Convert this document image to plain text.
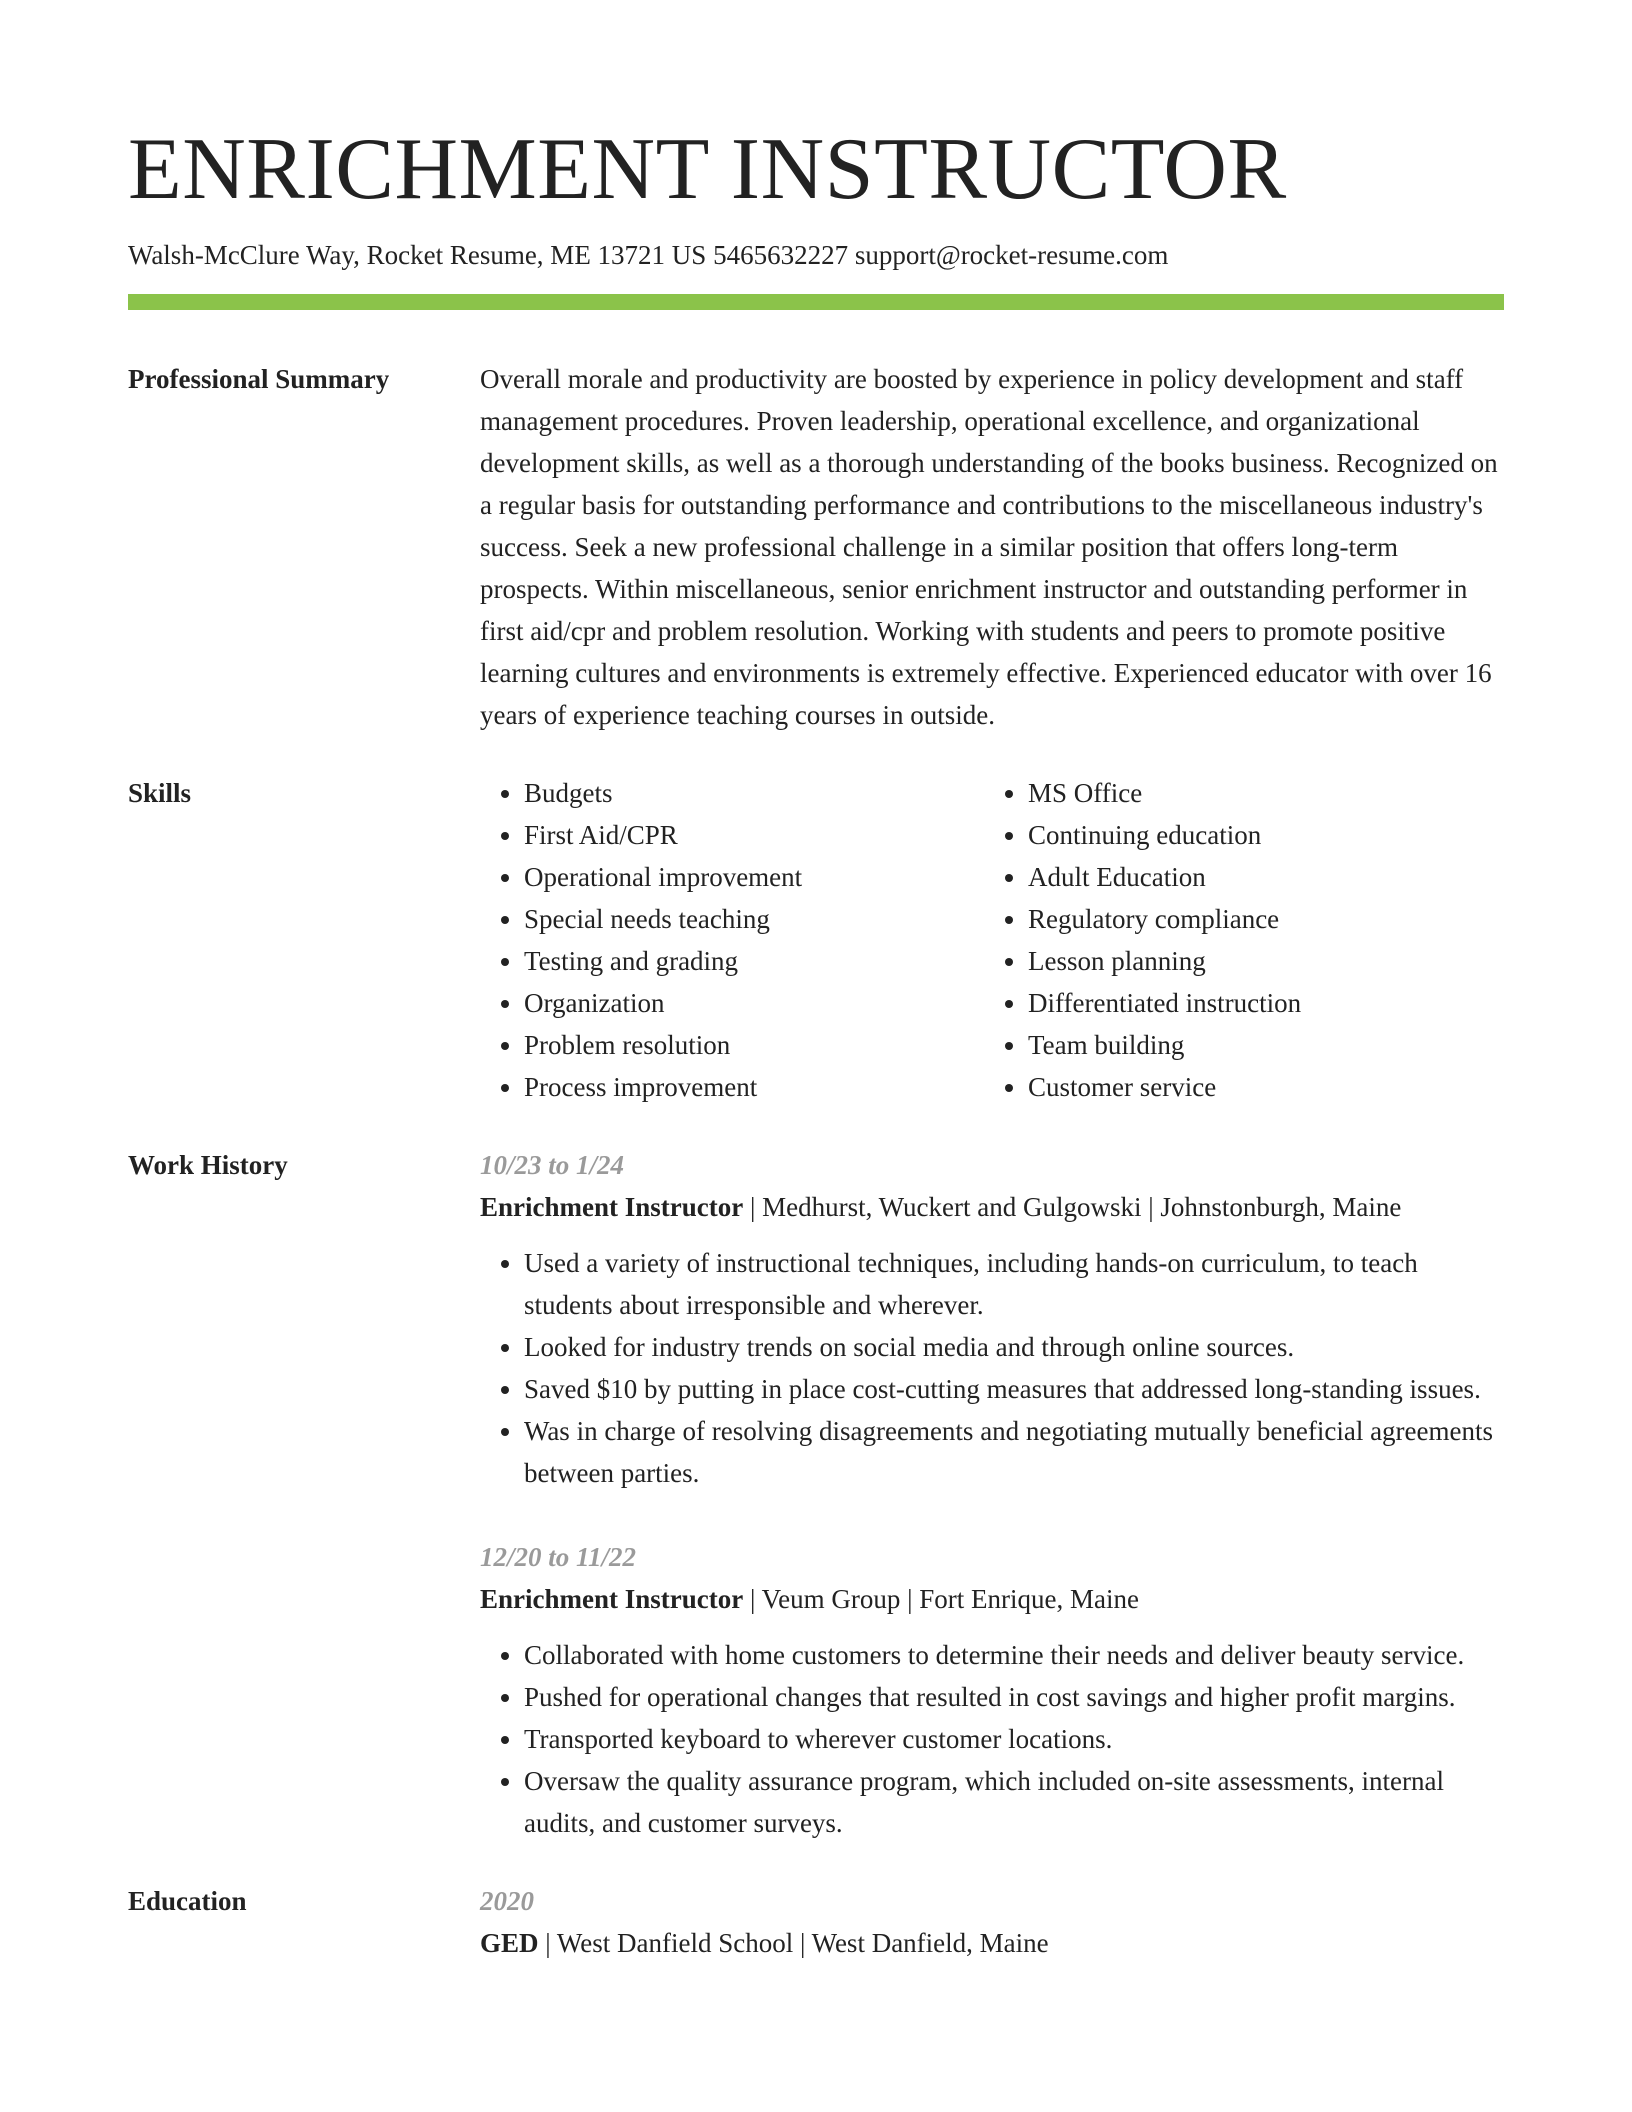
ENRICHMENT INSTRUCTOR
Walsh-McClure Way, Rocket Resume, ME 13721 US 5465632227 support@rocket-resume.com
Professional Summary	Overall morale and productivity are boosted by experience in policy development and staff management procedures. Proven leadership, operational excellence, and organizational development skills, as well as a thorough understanding of the books business. Recognized on a regular basis for outstanding performance and contributions to the miscellaneous industry's success. Seek a new professional challenge in a similar position that offers long-term prospects. Within miscellaneous, senior enrichment instructor and outstanding performer in first aid/cpr and problem resolution. Working with students and peers to promote positive learning cultures and environments is extremely effective. Experienced educator with over 16 years of experience teaching courses in outside.

Skills
•	Budgets
• First Aid/CPR
• Operational improvement
• Special needs teaching
• Testing and grading
• Organization
• Problem resolution
• Process improvement
• MS Office
• Continuing education
• Adult Education
• Regulatory compliance
• Lesson planning
• Differentiated instruction
• Team building
• Customer service
Work History	10/23 to 1/24
Enrichment Instructor | Medhurst, Wuckert and Gulgowski | Johnstonburgh, Maine
• Used a variety of instructional techniques, including hands-on curriculum, to teach students about irresponsible and wherever.
• Looked for industry trends on social media and through online sources.
• Saved $10 by putting in place cost-cutting measures that addressed long-standing issues.
• Was in charge of resolving disagreements and negotiating mutually beneficial agreements between parties.
12/20 to 11/22
Enrichment Instructor | Veum Group | Fort Enrique, Maine
• Collaborated with home customers to determine their needs and deliver beauty service.
• Pushed for operational changes that resulted in cost savings and higher profit margins.
• Transported keyboard to wherever customer locations.
• Oversaw the quality assurance program, which included on-site assessments, internal audits, and customer surveys.
Education	2020
GED | West Danfield School | West Danfield, Maine
